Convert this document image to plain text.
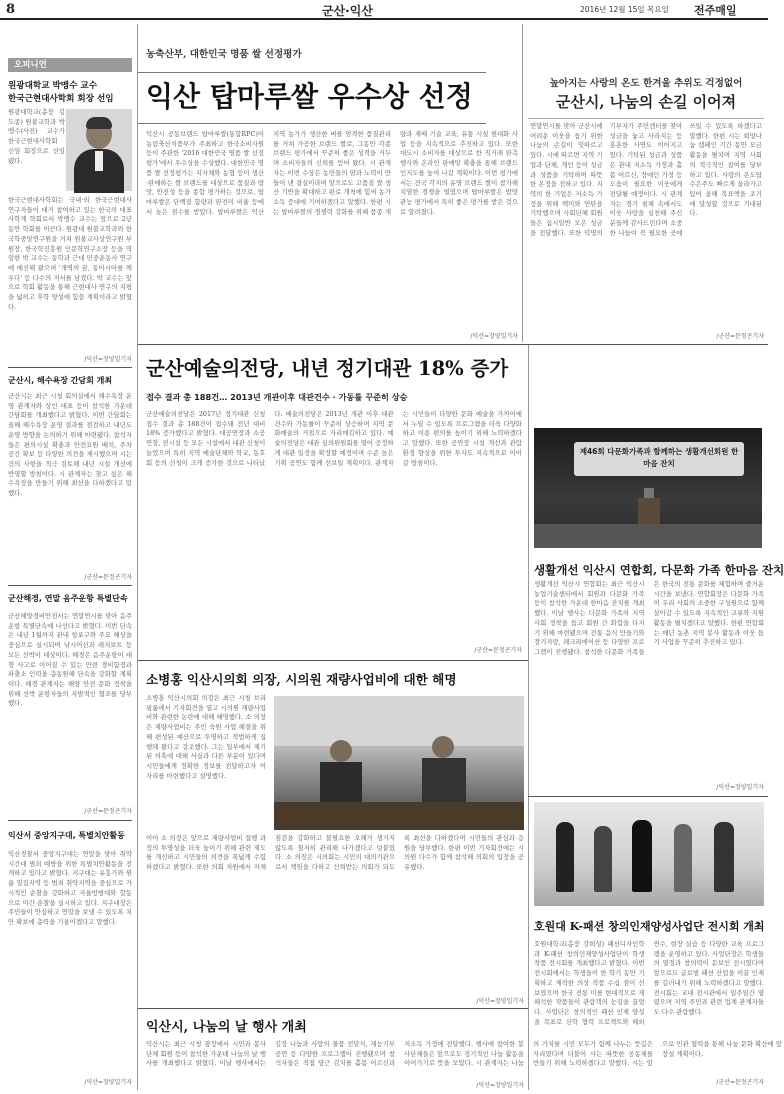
8	군산·익산	2016년 12월 15일 목요일 전주매일
오피니언
원광대학교 박맹수 교수
한국근현대사학회 회장 선임
원광대학교(총장 김도종) 원불교학과 박맹수(사진) 교수가 한국근현대사학회 신임 회장으로 선임됐다.
한국근현대사학회는 국내·외 한국근현대사 연구자들이 대거 참여하고 있는 한국의 대표 사학계 학회로서 박맹수 교수는 앞으로 2년 동안 학회를 이끈다. 원광대 원불교학과와 한국학중앙연구원을 거쳐 원불교사상연구원 부원장, 한국학진흥원 인문학연구소장 등을 역임한 박 교수는 동학과 근대 민중운동사 연구에 매진해 왔으며 '개벽의 꿈, 동아시아를 깨우다' 등 다수의 저서를 남겼다. 박 교수는 앞으로 학회 활동을 통해 근현대사 연구의 지평을 넓히고 후학 양성에 힘쓸 계획이라고 밝혔다.
/익산=장양일기자
군산시, 해수욕장 간담회 개최
군산시는 최근 시청 회의실에서 해수욕장 운영 관계자와 상인 대표 등이 참석한 가운데 간담회를 개최했다고 밝혔다. 이번 간담회는 올해 해수욕장 운영 결과를 점검하고 내년도 운영 방향을 논의하기 위해 마련됐다. 참석자들은 편의시설 확충과 안전요원 배치, 주차 공간 확보 등 다양한 의견을 제시했으며 시는 건의 사항을 적극 검토해 내년 시설 개선에 반영할 방침이다. 시 관계자는 찾고 싶은 해수욕장을 만들기 위해 최선을 다하겠다고 말했다.
/군산=문정곤기자
군산해경, 연말 음주운항 특별단속
군산해양경비안전서는 연말연시를 맞아 음주운항 특별단속에 나선다고 밝혔다. 이번 단속은 내년 1월까지 관내 항포구와 주요 해상을 중심으로 실시되며 낚시어선과 레저보트 등 모든 선박이 대상이다. 해경은 음주운항이 대형 사고로 이어질 수 있는 만큼 경비함정과 파출소 인력을 총동원해 단속을 강화할 계획이다. 해경 관계자는 해양 안전 문화 정착을 위해 선박 운항자들의 자발적인 협조를 당부했다.
/군산=문정곤기자
익산서 중앙지구대, 특별치안활동
익산경찰서 중앙지구대는 연말을 맞아 취약 시간대 범죄 예방을 위한 특별치안활동을 전개하고 있다고 밝혔다. 지구대는 유흥가와 원룸 밀집지역 등 범죄 취약지역을 중심으로 가시적인 순찰을 강화하고 자율방범대와 합동으로 야간 순찰을 실시하고 있다. 지구대장은 주민들이 안심하고 연말을 보낼 수 있도록 치안 확보에 총력을 기울이겠다고 말했다.
/익산=장양일기자
농축산부, 대한민국 명품 쌀 선정평가
익산 탑마루쌀 우수상 선정
익산시 공동브랜드 탑마루쌀(통합RPC)이 농림축산식품부가 주최하고 한국소비자원 등이 주관한 '2016 대한민국 명품 쌀 선정평가'에서 우수상을 수상했다. 대한민국 명품 쌀 선정평가는 지자체와 농협 등이 생산·판매하는 쌀 브랜드를 대상으로 품질과 밥맛, 안전성 등을 종합 평가하는 것으로, 탑마루쌀은 단백질 함량과 완전미 비율 등에서 높은 점수를 받았다. 탑마루쌀은 익산 지역 농가가 생산한 벼를 엄격한 품질관리를 거쳐 가공한 브랜드 쌀로, 그동안 각종 브랜드 평가에서 꾸준히 좋은 성적을 거두며 소비자들의 신뢰를 얻어 왔다. 시 관계자는 이번 수상은 농민들의 땀과 노력이 만들어 낸 결실이라며 앞으로도 고품질 쌀 생산 기반을 확대하고 판로 개척에 힘써 농가 소득 증대에 기여하겠다고 말했다. 한편 시는 탑마루쌀의 경쟁력 강화를 위해 품종 개량과 재배 기술 교육, 유통 시설 현대화 사업 등을 지속적으로 추진하고 있다. 또한 대도시 소비자를 대상으로 한 직거래 판촉 행사와 온라인 판매망 확충을 통해 브랜드 인지도를 높여 나갈 계획이다. 이번 평가에서는 전국 각지의 유명 브랜드 쌀이 참가해 치열한 경쟁을 벌였으며 탑마루쌀은 밥맛 관능 평가에서 특히 좋은 평가를 받은 것으로 알려졌다.
/익산=장양일기자
높아지는 사랑의 온도 한겨울 추위도 걱정없어
군산시, 나눔의 손길 이어져
연말연시를 맞아 군산시에 어려운 이웃을 돕기 위한 나눔의 손길이 잇따르고 있다. 시에 따르면 지역 기업과 단체, 개인 등이 성금과 성품을 기탁하며 따뜻한 온정을 전하고 있다. 지역의 한 기업은 저소득 가정을 위해 백미와 연탄을 기탁했으며 사회단체 회원들은 십시일반 모은 성금을 전달했다. 또한 익명의 기부자가 주민센터를 찾아 성금을 놓고 사라지는 등 훈훈한 사연도 이어지고 있다. 기탁된 성금과 성품은 관내 저소득 가정과 홀몸 어르신, 장애인 가정 등 도움이 필요한 이웃에게 전달될 예정이다. 시 관계자는 경기 침체 속에서도 이웃 사랑을 실천해 주신 분들께 감사드린다며 소중한 나눔이 꼭 필요한 곳에 쓰일 수 있도록 하겠다고 말했다. 한편 시는 희망나눔 캠페인 기간 동안 모금 활동을 펼치며 지역 사회의 적극적인 참여를 당부하고 있다. 사랑의 온도탑 수은주도 빠르게 올라가고 있어 올해 목표액을 조기에 달성할 것으로 기대된다.
/군산=문정곤기자
군산예술의전당, 내년 정기대관 18% 증가
접수 결과 총 188건… 2013년 개관이후 대관건수 · 가동률 꾸준히 상승
군산예술의전당은 2017년 정기대관 신청 접수 결과 총 188건이 접수돼 전년 대비 18% 증가했다고 밝혔다. 대공연장과 소공연장, 전시실 등 모든 시설에서 대관 신청이 늘었으며 특히 지역 예술단체와 학교, 동호회 등의 신청이 크게 증가한 것으로 나타났다. 예술의전당은 2013년 개관 이후 대관 건수와 가동률이 꾸준히 상승하며 지역 문화예술의 거점으로 자리매김하고 있다. 예술의전당은 대관 심의위원회를 열어 공정하게 대관 일정을 확정할 예정이며 수준 높은 기획 공연도 함께 선보일 계획이다. 관계자는 시민들이 다양한 문화 예술을 가까이에서 누릴 수 있도록 프로그램을 더욱 다양화하고 이용 편의를 높이기 위해 노력하겠다고 말했다. 또한 공연장 시설 개선과 관람 환경 향상을 위한 투자도 지속적으로 이어갈 방침이다.
/군산=문정곤기자
제46회 다문화가족과 함께하는 생활개선회원 한마음 잔치
생활개선 익산시 연합회, 다문화 가족 한마음 잔치
생활개선 익산시 연합회는 최근 익산시농업기술센터에서 회원과 다문화 가족 등이 참석한 가운데 한마음 잔치를 개최했다. 이날 행사는 다문화 가족의 지역 사회 정착을 돕고 회원 간 화합을 다지기 위해 마련됐으며 전통 음식 만들기와 장기자랑, 레크리에이션 등 다양한 프로그램이 진행됐다. 참석한 다문화 가족들은 한국의 전통 문화를 체험하며 즐거운 시간을 보냈다. 연합회장은 다문화 가족이 우리 사회의 소중한 구성원으로 함께 살아갈 수 있도록 지속적인 교류와 지원 활동을 펼치겠다고 말했다. 한편 연합회는 매년 농촌 지역 봉사 활동과 이웃 돕기 사업을 꾸준히 추진하고 있다.
/익산=장양일기자
소병홍 익산시의회 의장, 시의원 재량사업비에 대한 해명
소병홍 익산시의회 의장은 최근 시청 브리핑룸에서 기자회견을 열고 시의원 재량사업비와 관련한 논란에 대해 해명했다. 소 의장은 재량사업비는 주민 숙원 사업 해결을 위해 편성된 예산으로 투명하고 적법하게 집행돼 왔다고 강조했다. 그는 일부에서 제기된 의혹에 대해 사실과 다른 부분이 있다며 시민들에게 정확한 정보를 전달하고자 이 자리를 마련했다고 설명했다.
이어 소 의장은 앞으로 재량사업비 집행 과정의 투명성을 더욱 높이기 위해 관련 제도를 개선하고 시민들의 의견을 폭넓게 수렴하겠다고 밝혔다. 또한 의회 차원에서 자체 점검을 강화하고 불필요한 오해가 생기지 않도록 철저히 관리해 나가겠다고 덧붙였다. 소 의장은 시의회는 시민의 대의기관으로서 책임을 다하고 신뢰받는 의회가 되도록 최선을 다하겠다며 시민들의 관심과 응원을 당부했다. 한편 이번 기자회견에는 시의원 다수가 함께 참석해 의회의 입장을 공유했다.
/익산=장양일기자
호원대 K-패션 창의인재양성사업단 전시회 개최
호원대학교(총장 강희성) 패션디자인학과 K-패션 창의인재양성사업단이 학생 작품 전시회를 개최했다고 밝혔다. 이번 전시회에서는 학생들이 한 학기 동안 기획하고 제작한 의상 작품 수십 점이 선보였으며 한국 전통 미를 현대적으로 재해석한 작품들이 관람객의 눈길을 끌었다. 사업단은 창의적인 패션 인재 양성을 목표로 산학 협력 프로젝트와 해외 연수, 현장 실습 등 다양한 교육 프로그램을 운영하고 있다. 사업단장은 학생들의 열정과 창의력이 돋보인 전시였다며 앞으로도 글로벌 패션 산업을 이끌 인재를 길러내기 위해 노력하겠다고 말했다. 전시회는 교내 전시관에서 일주일간 열렸으며 지역 주민과 관련 업계 관계자들도 다수 관람했다.
/군산=문정곤기자
익산시, 나눔의 날 행사 개최
익산시는 최근 시청 광장에서 시민과 봉사단체 회원 등이 참석한 가운데 나눔의 날 행사를 개최했다고 밝혔다. 이날 행사에서는 김장 나눔과 사랑의 물품 전달식, 재능기부 공연 등 다양한 프로그램이 진행됐으며 참석자들은 직접 담근 김치를 홀몸 어르신과 저소득 가정에 전달했다. 행사에 참여한 봉사단체들은 앞으로도 정기적인 나눔 활동을 이어가기로 뜻을 모았다. 시 관계자는 나눔의 가치를 시민 모두가 함께 나누는 뜻깊은 자리였다며 더불어 사는 따뜻한 공동체를 만들기 위해 노력하겠다고 말했다. 시는 앞으로 민관 협력을 통해 나눔 문화 확산에 앞장설 계획이다.
/익산=장양일기자
